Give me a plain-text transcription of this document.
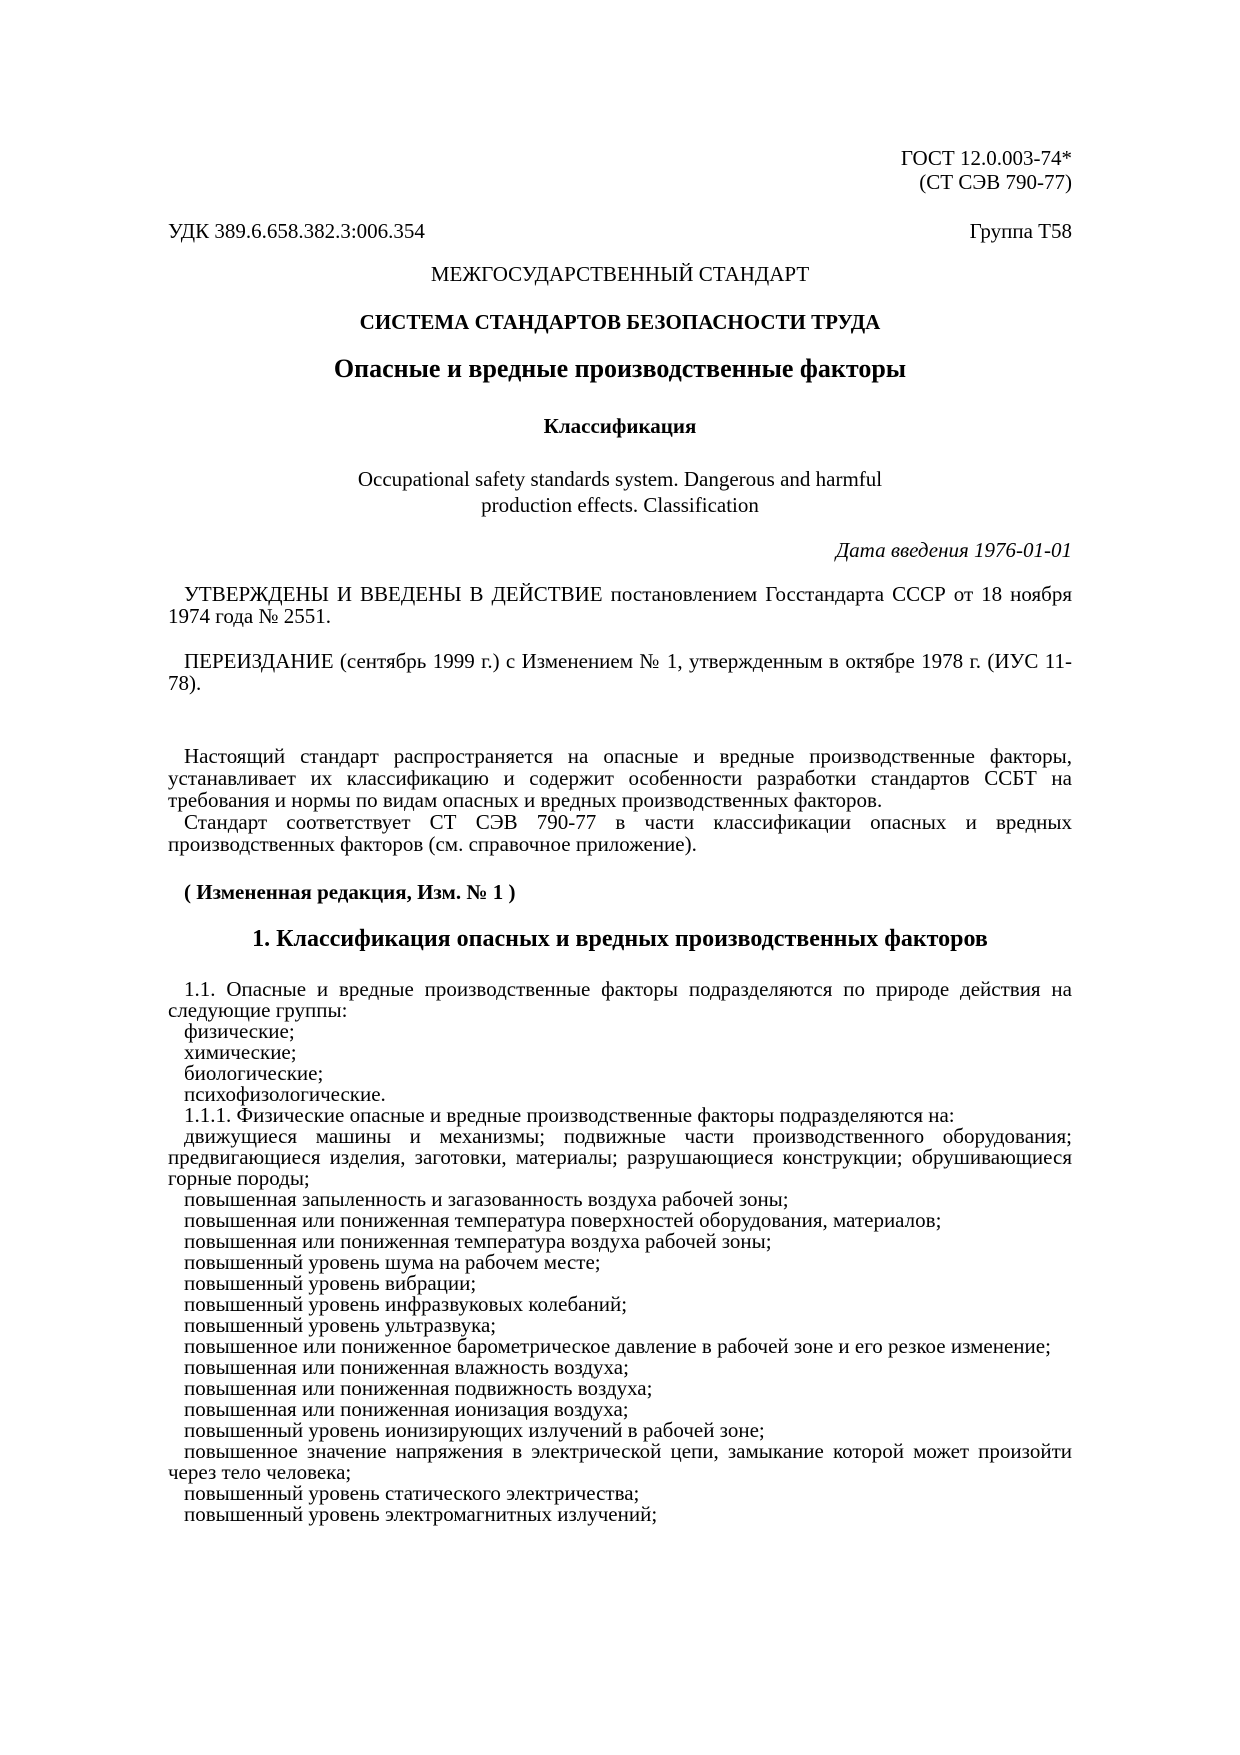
ГОСТ 12.0.003-74*
(СТ СЭВ 790-77)
УДК 389.6.658.382.3:006.354	Группа Т58
МЕЖГОСУДАРСТВЕННЫЙ СТАНДАРТ
СИСТЕМА СТАНДАРТОВ БЕЗОПАСНОСТИ ТРУДА
Опасные и вредные производственные факторы
Классификация
Occupational safety standards system. Dangerous and harmful
production effects. Classification
Дата введения 1976-01-01

УТВЕРЖДЕНЫ И ВВЕДЕНЫ В ДЕЙСТВИЕ постановлением Госстандарта СССР от 18 ноября 1974 года № 2551.

ПЕРЕИЗДАНИЕ (сентябрь 1999 г.) с Изменением № 1, утвержденным в октябре 1978 г. (ИУС 11-78).

Настоящий стандарт распространяется на опасные и вредные производственные факторы, устанавливает их классификацию и содержит особенности разработки стандартов ССБТ на требования и нормы по видам опасных и вредных производственных факторов.

Стандарт соответствует СТ СЭВ 790-77 в части классификации опасных и вредных производственных факторов (см. справочное приложение).

( Измененная редакция, Изм. № 1 )
1. Классификация опасных и вредных производственных факторов

1.1. Опасные и вредные производственные факторы подразделяются по природе действия на следующие группы:

физические;

химические;

биологические;

психофизологические.

1.1.1. Физические опасные и вредные производственные факторы подразделяются на:

движущиеся машины и механизмы; подвижные части производственного оборудования; предвигающиеся изделия, заготовки, материалы; разрушающиеся конструкции; обрушивающиеся горные породы;

повышенная запыленность и загазованность воздуха рабочей зоны;

повышенная или пониженная температура поверхностей оборудования, материалов;

повышенная или пониженная температура воздуха рабочей зоны;

повышенный уровень шума на рабочем месте;

повышенный уровень вибрации;

повышенный уровень инфразвуковых колебаний;

повышенный уровень ультразвука;

повышенное или пониженное барометрическое давление в рабочей зоне и его резкое изменение;

повышенная или пониженная влажность воздуха;

повышенная или пониженная подвижность воздуха;

повышенная или пониженная ионизация воздуха;

повышенный уровень ионизирующих излучений в рабочей зоне;

повышенное значение напряжения в электрической цепи, замыкание которой может произойти через тело человека;

повышенный уровень статического электричества;

повышенный уровень электромагнитных излучений;
